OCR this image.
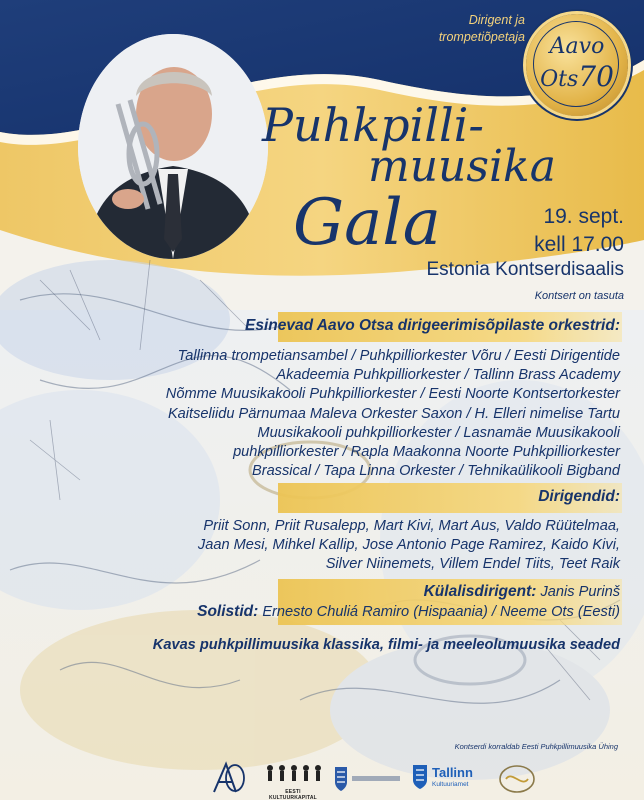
Dirigent ja
trompetiõpetaja	Aavo
Ots70
Puhkpilli-
muusika
Gala	19. sept.
kell 17.00
Estonia Kontserdisaalis
Kontsert on tasuta
Esinevad Aavo Otsa dirigeerimisõpilaste orkestrid:
Tallinna trompetiansambel / Puhkpilliorkester Võru / Eesti Dirigentide
Akadeemia Puhkpilliorkester / Tallinn Brass Academy
Nõmme Muusikakooli Puhkpilliorkester / Eesti Noorte Kontsertorkester
Kaitseliidu Pärnumaa Maleva Orkester Saxon / H. Elleri nimelise Tartu
Muusikakooli puhkpilliorkester / Lasnamäe Muusikakooli
puhkpilliorkester / Rapla Maakonna Noorte Puhkpilliorkester
Brassical / Tapa Linna Orkester / Tehnikaülikooli Bigband
Dirigendid:
Priit Sonn, Priit Rusalepp, Mart Kivi, Mart Aus, Valdo Rüütelmaa,
Jaan Mesi, Mihkel Kallip, Jose Antonio Page Ramirez, Kaido Kivi,
Silver Niinemets, Villem Endel Tiits, Teet Raik
Külalisdirigent: Janis Purinš
Solistid: Ernesto Chuliá Ramiro (Hispaania) / Neeme Ots (Eesti)
Kavas puhkpillimuusika klassika, filmi- ja meeleolumuusika seaded
Kontserdi korraldab Eesti Puhkpillimuusika Ühing
EESTI KULTUURKAPITAL
Tallinn
Kultuuriamet
